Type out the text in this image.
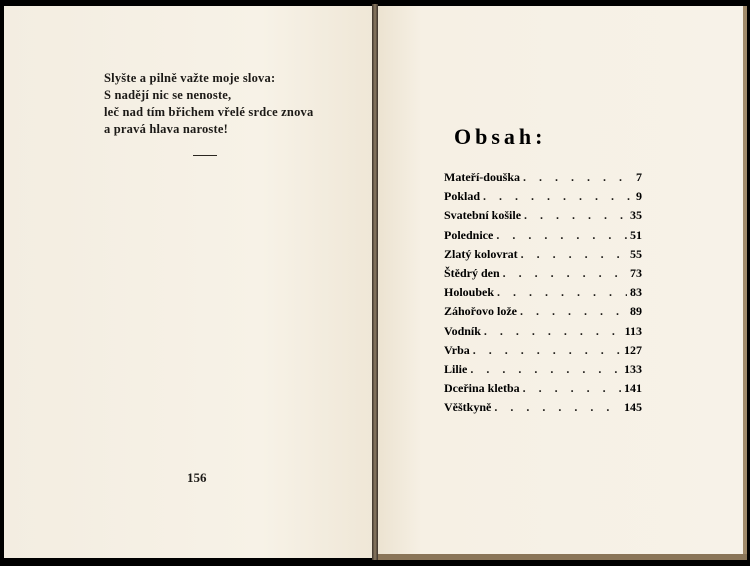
Slyšte a pilně važte moje slova:
S nadějí nic se nenoste,
leč nad tím břichem vřelé srdce znova
a pravá hlava naroste!
156
Obsah:
Mateří-douška . . .	7
Poklad . . .	9
Svatební košile . . .	35
Polednice . . .	51
Zlatý kolovrat . . .	55
Štědrý den . . .	73
Holoubek . . .	83
Záhořovo lože . . .	89
Vodník . . .	113
Vrba . . .	127
Lilie . . .	133
Dceřina kletba . . .	141
Věštkyně . . .	145
